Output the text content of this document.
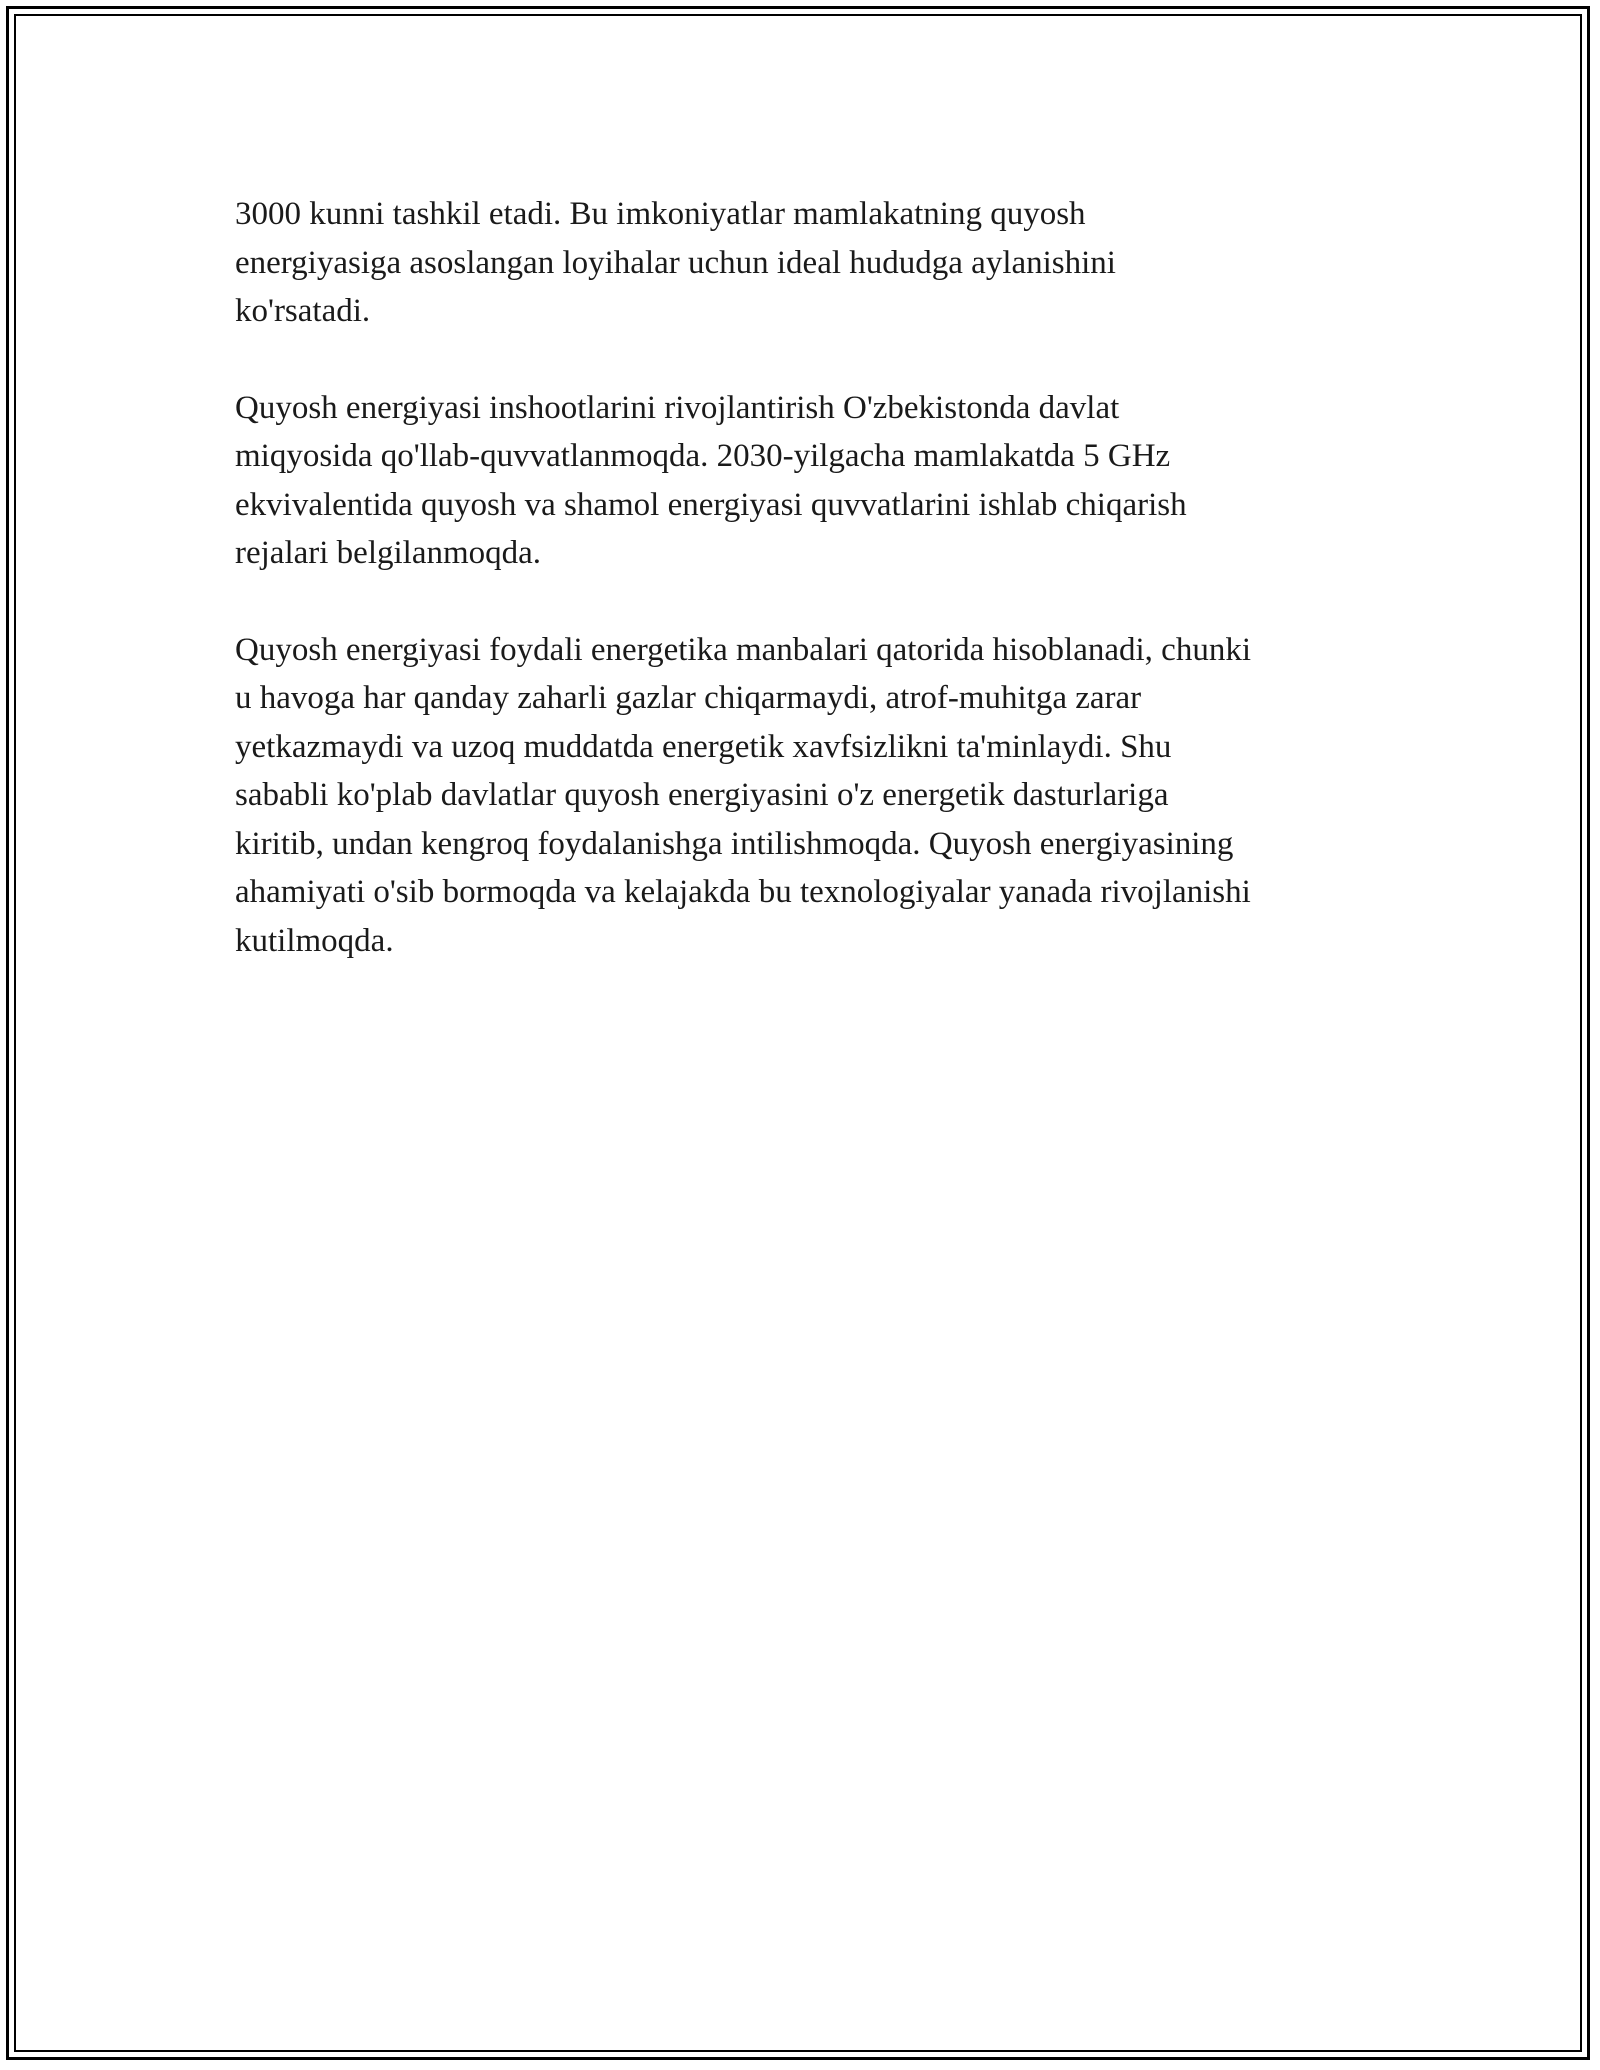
3000 kunni tashkil etadi. Bu imkoniyatlar mamlakatning quyosh
energiyasiga asoslangan loyihalar uchun ideal hududga aylanishini
ko'rsatadi.

Quyosh energiyasi inshootlarini rivojlantirish O'zbekistonda davlat
miqyosida qo'llab-quvvatlanmoqda. 2030-yilgacha mamlakatda 5 GHz
ekvivalentida quyosh va shamol energiyasi quvvatlarini ishlab chiqarish
rejalari belgilanmoqda.

Quyosh energiyasi foydali energetika manbalari qatorida hisoblanadi, chunki
u havoga har qanday zaharli gazlar chiqarmaydi, atrof-muhitga zarar
yetkazmaydi va uzoq muddatda energetik xavfsizlikni ta'minlaydi. Shu
sababli ko'plab davlatlar quyosh energiyasini o'z energetik dasturlariga
kiritib, undan kengroq foydalanishga intilishmoqda. Quyosh energiyasining
ahamiyati o'sib bormoqda va kelajakda bu texnologiyalar yanada rivojlanishi
kutilmoqda.
